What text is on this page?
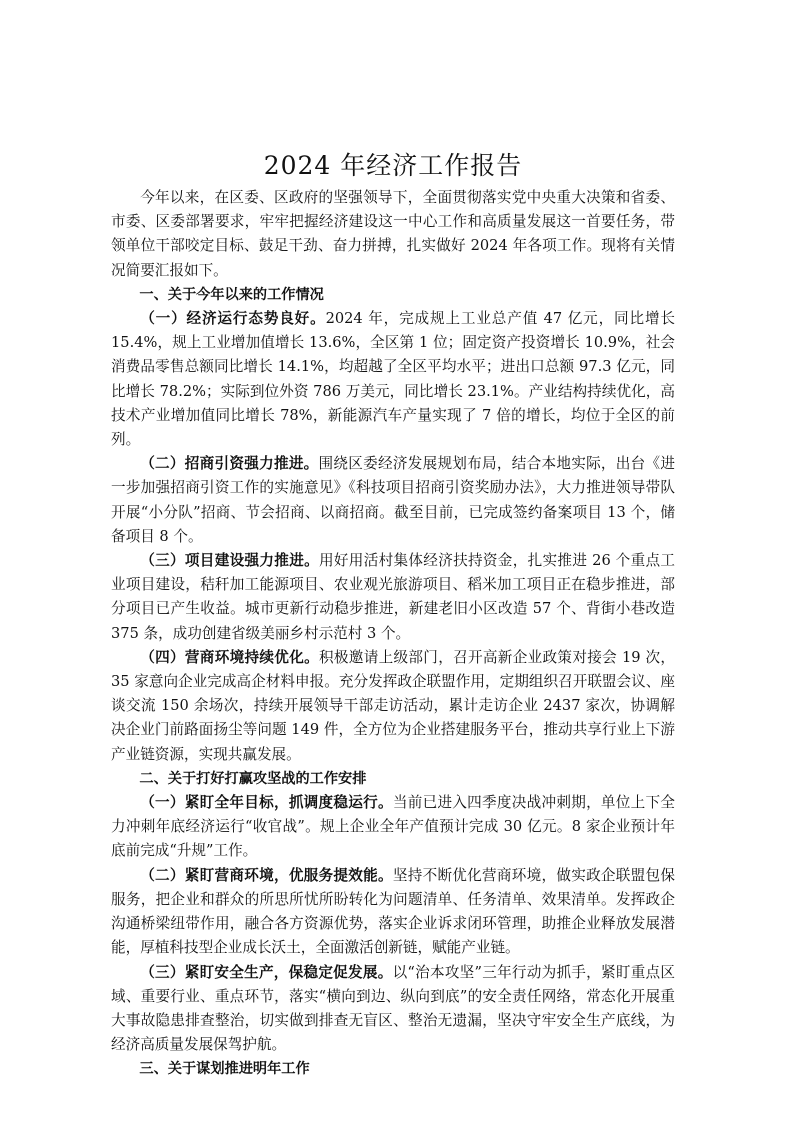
2024 年经济工作报告

今年以来，在区委、区政府的坚强领导下，全面贯彻落实党中央重大决策和省委、市委、区委部署要求，牢牢把握经济建设这一中心工作和高质量发展这一首要任务，带领单位干部咬定目标、鼓足干劲、奋力拼搏，扎实做好 2024 年各项工作。现将有关情况简要汇报如下。

一、关于今年以来的工作情况

（一）经济运行态势良好。2024 年，完成规上工业总产值 47 亿元，同比增长 15.4%，规上工业增加值增长 13.6%，全区第 1 位；固定资产投资增长 10.9%，社会消费品零售总额同比增长 14.1%，均超越了全区平均水平；进出口总额 97.3 亿元，同比增长 78.2%；实际到位外资 786 万美元，同比增长 23.1%。产业结构持续优化，高技术产业增加值同比增长 78%，新能源汽车产量实现了 7 倍的增长，均位于全区的前列。

（二）招商引资强力推进。围绕区委经济发展规划布局，结合本地实际，出台《进一步加强招商引资工作的实施意见》《科技项目招商引资奖励办法》，大力推进领导带队开展“小分队”招商、节会招商、以商招商。截至目前，已完成签约备案项目 13 个，储备项目 8 个。

（三）项目建设强力推进。用好用活村集体经济扶持资金，扎实推进 26 个重点工业项目建设，秸秆加工能源项目、农业观光旅游项目、稻米加工项目正在稳步推进，部分项目已产生收益。城市更新行动稳步推进，新建老旧小区改造 57 个、背街小巷改造 375 条，成功创建省级美丽乡村示范村 3 个。

（四）营商环境持续优化。积极邀请上级部门，召开高新企业政策对接会 19 次，35 家意向企业完成高企材料申报。充分发挥政企联盟作用，定期组织召开联盟会议、座谈交流 150 余场次，持续开展领导干部走访活动，累计走访企业 2437 家次，协调解决企业门前路面扬尘等问题 149 件，全方位为企业搭建服务平台，推动共享行业上下游产业链资源，实现共赢发展。

二、关于打好打赢攻坚战的工作安排

（一）紧盯全年目标，抓调度稳运行。当前已进入四季度决战冲刺期，单位上下全力冲刺年底经济运行“收官战”。规上企业全年产值预计完成 30 亿元。8 家企业预计年底前完成“升规”工作。

（二）紧盯营商环境，优服务提效能。坚持不断优化营商环境，做实政企联盟包保服务，把企业和群众的所思所忧所盼转化为问题清单、任务清单、效果清单。发挥政企沟通桥梁纽带作用，融合各方资源优势，落实企业诉求闭环管理，助推企业释放发展潜能，厚植科技型企业成长沃土，全面激活创新链，赋能产业链。

（三）紧盯安全生产，保稳定促发展。以“治本攻坚”三年行动为抓手，紧盯重点区域、重要行业、重点环节，落实“横向到边、纵向到底”的安全责任网络，常态化开展重大事故隐患排查整治，切实做到排查无盲区、整治无遗漏，坚决守牢安全生产底线，为经济高质量发展保驾护航。

三、关于谋划推进明年工作
